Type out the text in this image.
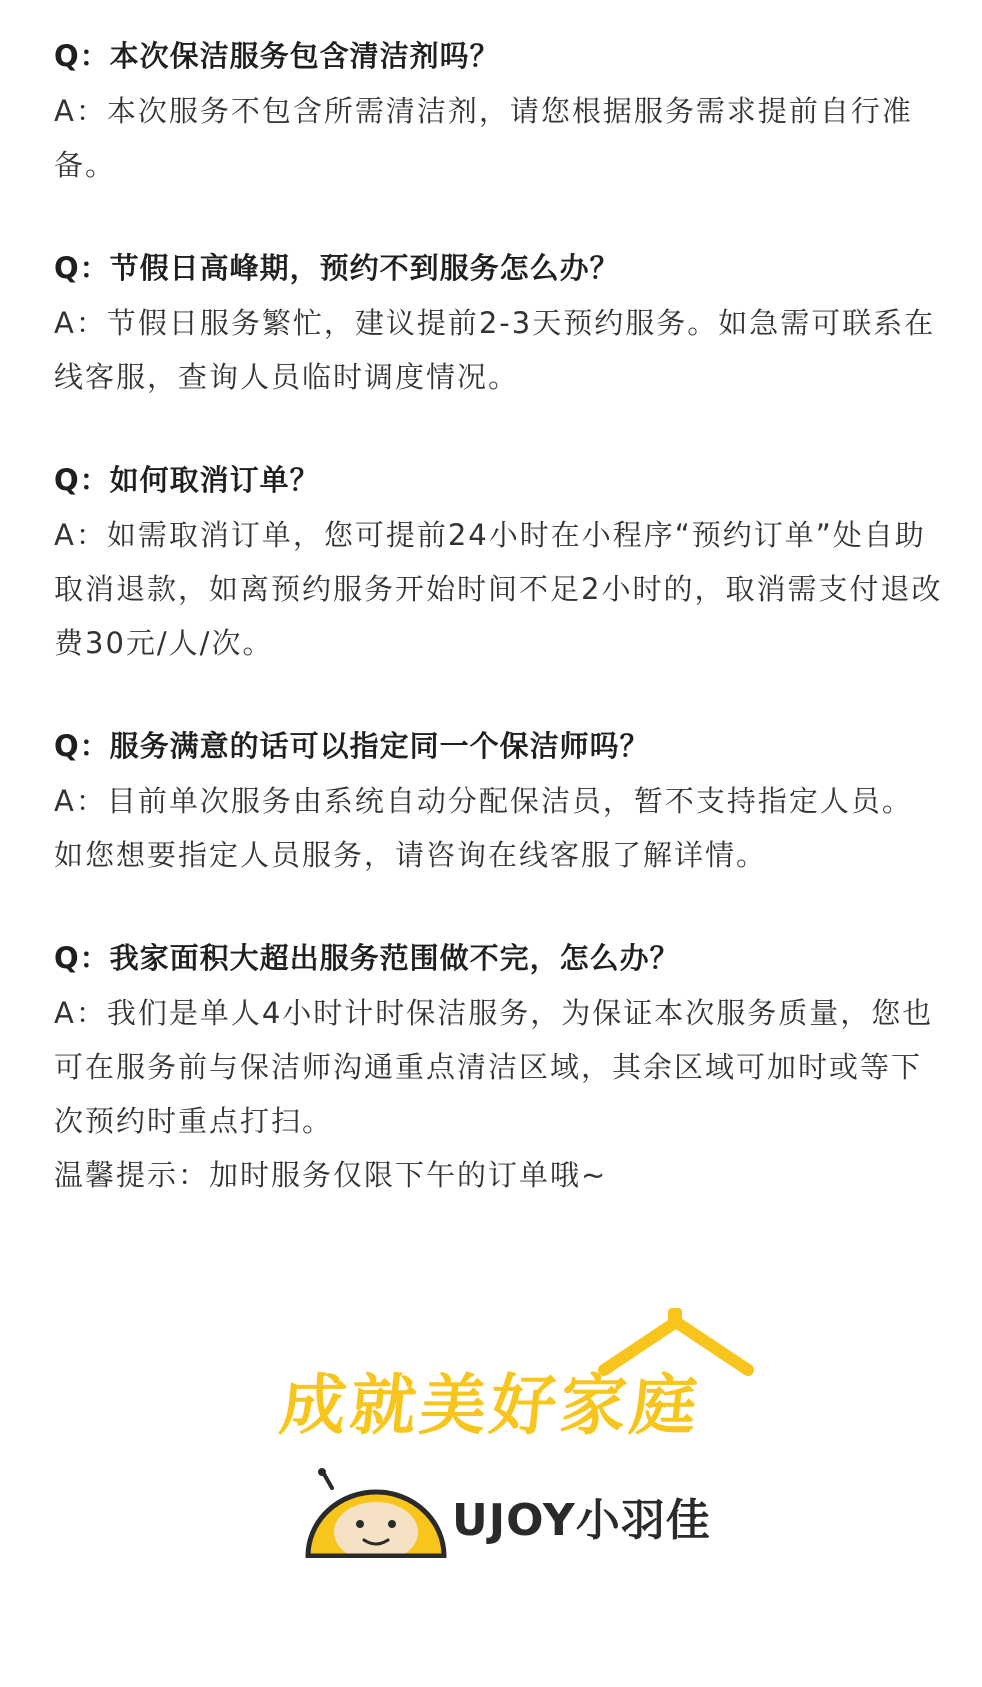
Q：本次保洁服务包含清洁剂吗？

A：本次服务不包含所需清洁剂，请您根据服务需求提前自行准备。

Q：节假日高峰期，预约不到服务怎么办？

A：节假日服务繁忙，建议提前2-3天预约服务。如急需可联系在线客服，查询人员临时调度情况。

Q：如何取消订单？

A：如需取消订单，您可提前24小时在小程序“预约订单”处自助取消退款，如离预约服务开始时间不足2小时的，取消需支付退改费30元/人/次。

Q：服务满意的话可以指定同一个保洁师吗？

A：目前单次服务由系统自动分配保洁员，暂不支持指定人员。 如您想要指定人员服务，请咨询在线客服了解详情。

Q：我家面积大超出服务范围做不完，怎么办？

A：我们是单人4小时计时保洁服务，为保证本次服务质量，您也可在服务前与保洁师沟通重点清洁区域，其余区域可加时或等下次预约时重点打扫。

温馨提示：加时服务仅限下午的订单哦~
成就美好家庭
UJOY小羽佳
